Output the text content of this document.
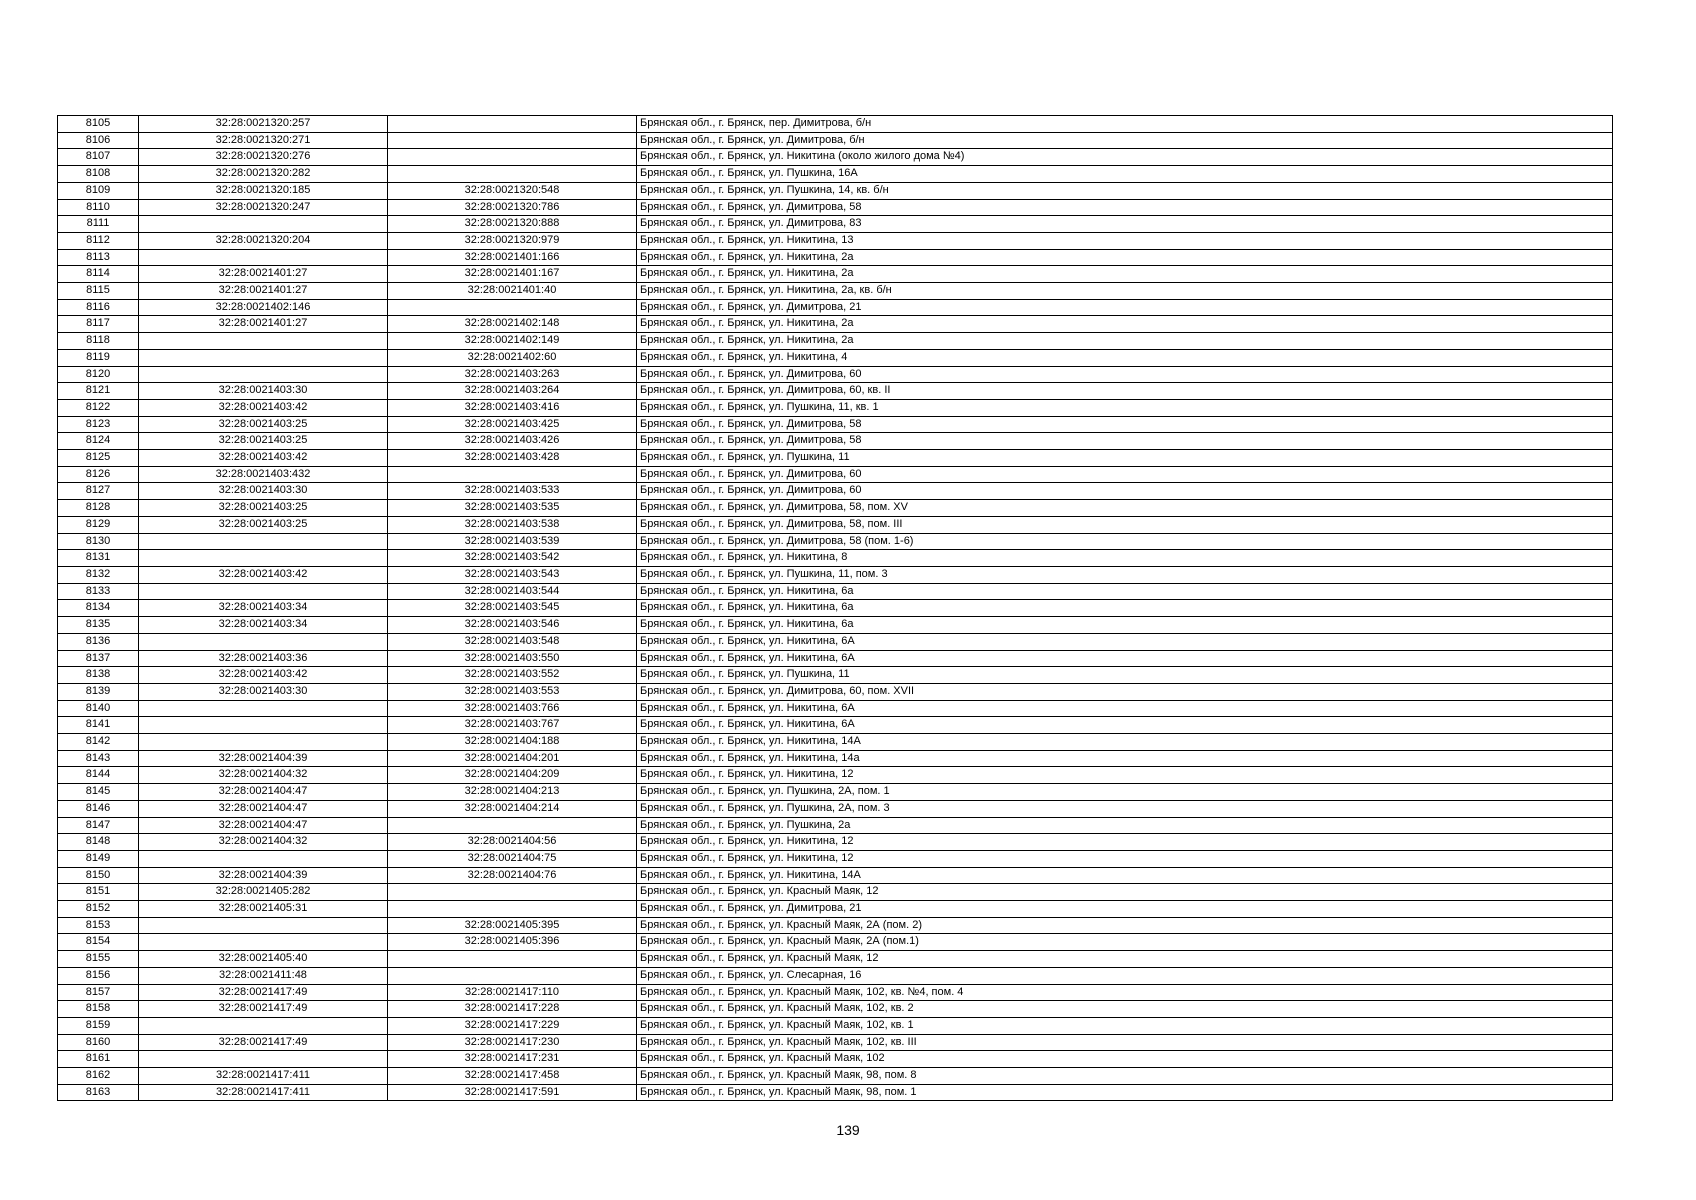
8105	32:28:0021320:257		Брянская обл., г. Брянск, пер. Димитрова, б/н
8106	32:28:0021320:271		Брянская обл., г. Брянск, ул. Димитрова, б/н
8107	32:28:0021320:276		Брянская обл., г. Брянск, ул. Никитина (около жилого дома №4)
8108	32:28:0021320:282		Брянская обл., г. Брянск, ул. Пушкина, 16А
8109	32:28:0021320:185	32:28:0021320:548	Брянская обл., г. Брянск, ул. Пушкина, 14, кв. б/н
8110	32:28:0021320:247	32:28:0021320:786	Брянская обл., г. Брянск, ул. Димитрова, 58
8111		32:28:0021320:888	Брянская обл., г. Брянск, ул. Димитрова, 83
8112	32:28:0021320:204	32:28:0021320:979	Брянская обл., г. Брянск, ул. Никитина, 13
8113		32:28:0021401:166	Брянская обл., г. Брянск, ул. Никитина, 2а
8114	32:28:0021401:27	32:28:0021401:167	Брянская обл., г. Брянск, ул. Никитина, 2а
8115	32:28:0021401:27	32:28:0021401:40	Брянская обл., г. Брянск, ул. Никитина, 2а, кв. б/н
8116	32:28:0021402:146		Брянская обл., г. Брянск, ул. Димитрова, 21
8117	32:28:0021401:27	32:28:0021402:148	Брянская обл., г. Брянск, ул. Никитина, 2а
8118		32:28:0021402:149	Брянская обл., г. Брянск, ул. Никитина, 2а
8119		32:28:0021402:60	Брянская обл., г. Брянск, ул. Никитина, 4
8120		32:28:0021403:263	Брянская обл., г. Брянск, ул. Димитрова, 60
8121	32:28:0021403:30	32:28:0021403:264	Брянская обл., г. Брянск, ул. Димитрова, 60, кв. II
8122	32:28:0021403:42	32:28:0021403:416	Брянская обл., г. Брянск, ул. Пушкина, 11, кв. 1
8123	32:28:0021403:25	32:28:0021403:425	Брянская обл., г. Брянск, ул. Димитрова, 58
8124	32:28:0021403:25	32:28:0021403:426	Брянская обл., г. Брянск, ул. Димитрова, 58
8125	32:28:0021403:42	32:28:0021403:428	Брянская обл., г. Брянск, ул. Пушкина, 11
8126	32:28:0021403:432		Брянская обл., г. Брянск, ул. Димитрова, 60
8127	32:28:0021403:30	32:28:0021403:533	Брянская обл., г. Брянск, ул. Димитрова, 60
8128	32:28:0021403:25	32:28:0021403:535	Брянская обл., г. Брянск, ул. Димитрова, 58, пом. XV
8129	32:28:0021403:25	32:28:0021403:538	Брянская обл., г. Брянск, ул. Димитрова, 58, пом. III
8130		32:28:0021403:539	Брянская обл., г. Брянск, ул. Димитрова, 58 (пом. 1-6)
8131		32:28:0021403:542	Брянская обл., г. Брянск, ул. Никитина, 8
8132	32:28:0021403:42	32:28:0021403:543	Брянская обл., г. Брянск, ул. Пушкина, 11, пом. 3
8133		32:28:0021403:544	Брянская обл., г. Брянск, ул. Никитина, 6а
8134	32:28:0021403:34	32:28:0021403:545	Брянская обл., г. Брянск, ул. Никитина, 6а
8135	32:28:0021403:34	32:28:0021403:546	Брянская обл., г. Брянск, ул. Никитина, 6а
8136		32:28:0021403:548	Брянская обл., г. Брянск, ул. Никитина, 6А
8137	32:28:0021403:36	32:28:0021403:550	Брянская обл., г. Брянск, ул. Никитина, 6А
8138	32:28:0021403:42	32:28:0021403:552	Брянская обл., г. Брянск, ул. Пушкина, 11
8139	32:28:0021403:30	32:28:0021403:553	Брянская обл., г. Брянск, ул. Димитрова, 60, пом. XVII
8140		32:28:0021403:766	Брянская обл., г. Брянск, ул. Никитина, 6А
8141		32:28:0021403:767	Брянская обл., г. Брянск, ул. Никитина, 6А
8142		32:28:0021404:188	Брянская обл., г. Брянск, ул. Никитина, 14А
8143	32:28:0021404:39	32:28:0021404:201	Брянская обл., г. Брянск, ул. Никитина, 14а
8144	32:28:0021404:32	32:28:0021404:209	Брянская обл., г. Брянск, ул. Никитина, 12
8145	32:28:0021404:47	32:28:0021404:213	Брянская обл., г. Брянск, ул. Пушкина, 2А, пом. 1
8146	32:28:0021404:47	32:28:0021404:214	Брянская обл., г. Брянск, ул. Пушкина, 2А, пом. 3
8147	32:28:0021404:47		Брянская обл., г. Брянск, ул. Пушкина, 2а
8148	32:28:0021404:32	32:28:0021404:56	Брянская обл., г. Брянск, ул. Никитина, 12
8149		32:28:0021404:75	Брянская обл., г. Брянск, ул. Никитина, 12
8150	32:28:0021404:39	32:28:0021404:76	Брянская обл., г. Брянск, ул. Никитина, 14А
8151	32:28:0021405:282		Брянская обл., г. Брянск, ул. Красный Маяк, 12
8152	32:28:0021405:31		Брянская обл., г. Брянск, ул. Димитрова, 21
8153		32:28:0021405:395	Брянская обл., г. Брянск, ул. Красный Маяк, 2А (пом. 2)
8154		32:28:0021405:396	Брянская обл., г. Брянск, ул. Красный Маяк, 2А (пом.1)
8155	32:28:0021405:40		Брянская обл., г. Брянск, ул. Красный Маяк, 12
8156	32:28:0021411:48		Брянская обл., г. Брянск, ул. Слесарная, 16
8157	32:28:0021417:49	32:28:0021417:110	Брянская обл., г. Брянск, ул. Красный Маяк, 102, кв. №4, пом. 4
8158	32:28:0021417:49	32:28:0021417:228	Брянская обл., г. Брянск, ул. Красный Маяк, 102, кв. 2
8159		32:28:0021417:229	Брянская обл., г. Брянск, ул. Красный Маяк, 102, кв. 1
8160	32:28:0021417:49	32:28:0021417:230	Брянская обл., г. Брянск, ул. Красный Маяк, 102, кв. III
8161		32:28:0021417:231	Брянская обл., г. Брянск, ул. Красный Маяк, 102
8162	32:28:0021417:411	32:28:0021417:458	Брянская обл., г. Брянск, ул. Красный Маяк, 98, пом. 8
8163	32:28:0021417:411	32:28:0021417:591	Брянская обл., г. Брянск, ул. Красный Маяк, 98, пом. 1
139
